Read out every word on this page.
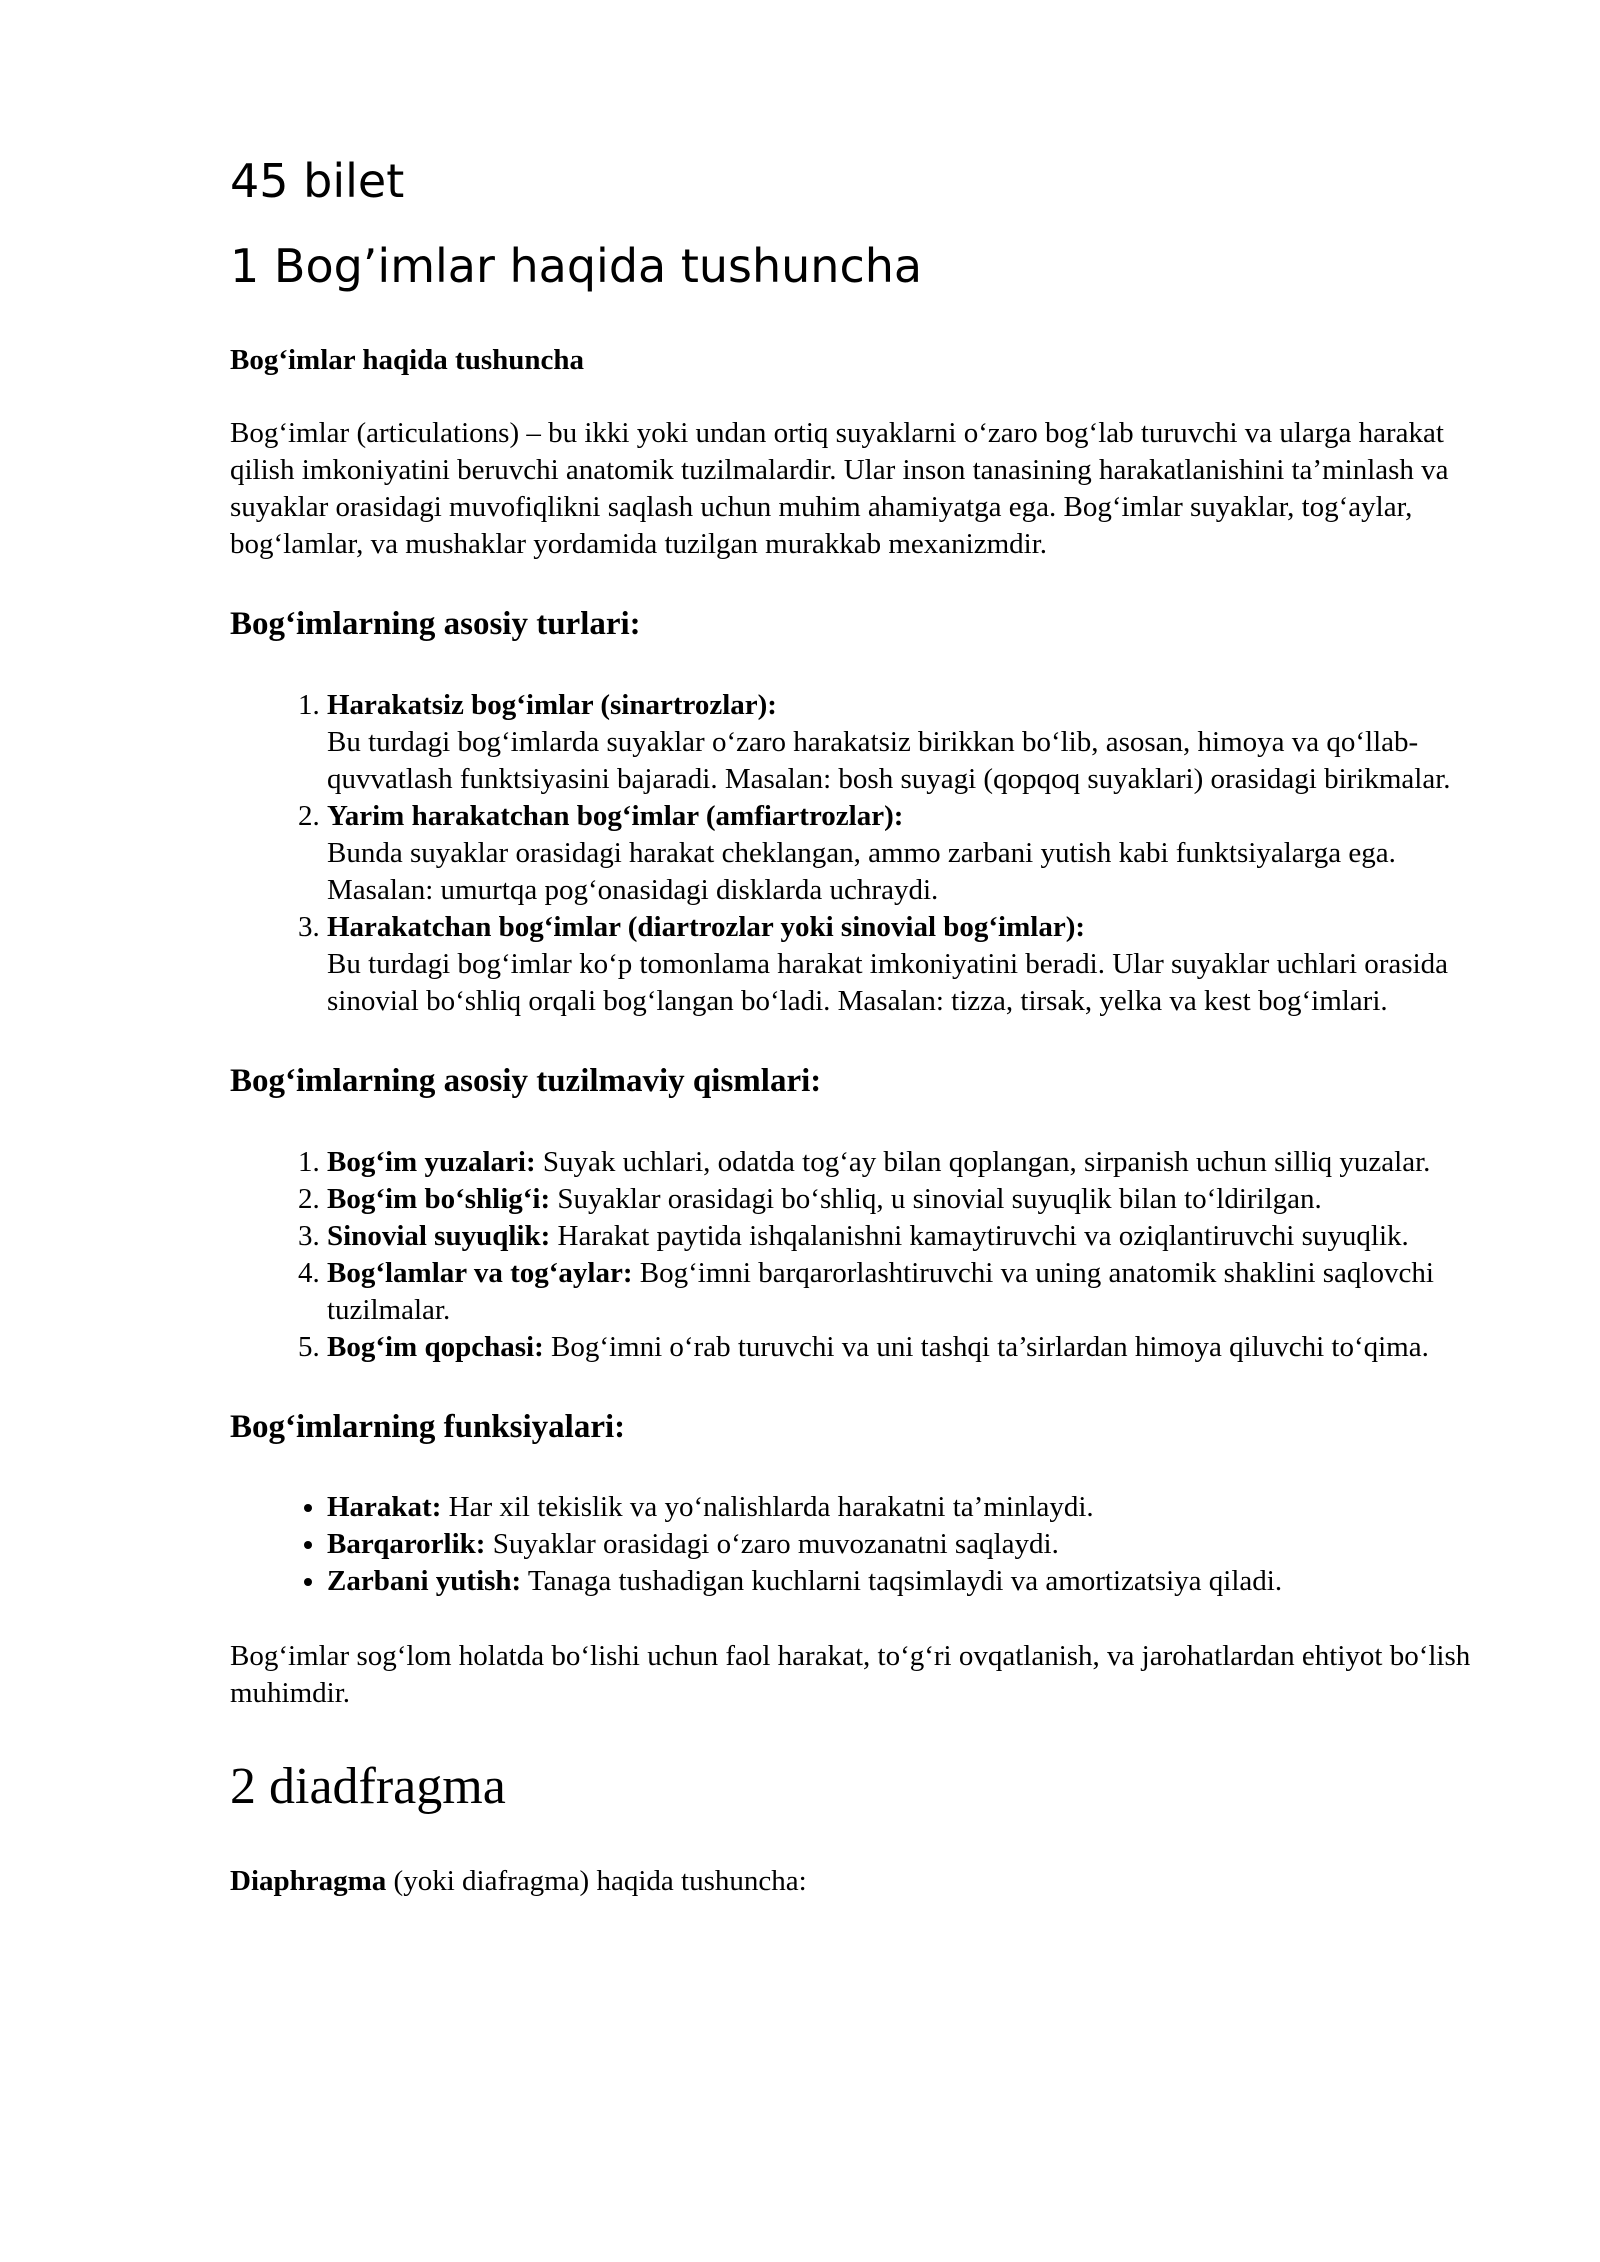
45 bilet
1 Bog’imlar haqida tushuncha

Bog‘imlar haqida tushuncha

Bog‘imlar (articulations) – bu ikki yoki undan ortiq suyaklarni o‘zaro bog‘lab turuvchi va ularga harakat qilish imkoniyatini beruvchi anatomik tuzilmalardir. Ular inson tanasining harakatlanishini ta’minlash va suyaklar orasidagi muvofiqlikni saqlash uchun muhim ahamiyatga ega. Bog‘imlar suyaklar, tog‘aylar, bog‘lamlar, va mushaklar yordamida tuzilgan murakkab mexanizmdir.

Bog‘imlarning asosiy turlari:
1. Harakatsiz bog‘imlar (sinartrozlar):
Bu turdagi bog‘imlarda suyaklar o‘zaro harakatsiz birikkan bo‘lib, asosan, himoya va qo‘llab-quvvatlash funktsiyasini bajaradi. Masalan: bosh suyagi (qopqoq suyaklari) orasidagi birikmalar.
2. Yarim harakatchan bog‘imlar (amfiartrozlar):
Bunda suyaklar orasidagi harakat cheklangan, ammo zarbani yutish kabi funktsiyalarga ega. Masalan: umurtqa pog‘onasidagi disklarda uchraydi.
3. Harakatchan bog‘imlar (diartrozlar yoki sinovial bog‘imlar):
Bu turdagi bog‘imlar ko‘p tomonlama harakat imkoniyatini beradi. Ular suyaklar uchlari orasida sinovial bo‘shliq orqali bog‘langan bo‘ladi. Masalan: tizza, tirsak, yelka va kest bog‘imlari.
Bog‘imlarning asosiy tuzilmaviy qismlari:
1. Bog‘im yuzalari: Suyak uchlari, odatda tog‘ay bilan qoplangan, sirpanish uchun silliq yuzalar.
2. Bog‘im bo‘shlig‘i: Suyaklar orasidagi bo‘shliq, u sinovial suyuqlik bilan to‘ldirilgan.
3. Sinovial suyuqlik: Harakat paytida ishqalanishni kamaytiruvchi va oziqlantiruvchi suyuqlik.
4. Bog‘lamlar va tog‘aylar: Bog‘imni barqarorlashtiruvchi va uning anatomik shaklini saqlovchi tuzilmalar.
5. Bog‘im qopchasi: Bog‘imni o‘rab turuvchi va uni tashqi ta’sirlardan himoya qiluvchi to‘qima.
Bog‘imlarning funksiyalari:
• Harakat: Har xil tekislik va yo‘nalishlarda harakatni ta’minlaydi.
• Barqarorlik: Suyaklar orasidagi o‘zaro muvozanatni saqlaydi.
• Zarbani yutish: Tanaga tushadigan kuchlarni taqsimlaydi va amortizatsiya qiladi.

Bog‘imlar sog‘lom holatda bo‘lishi uchun faol harakat, to‘g‘ri ovqatlanish, va jarohatlardan ehtiyot bo‘lish muhimdir.

2 diadfragma

Diaphragma (yoki diafragma) haqida tushuncha:
